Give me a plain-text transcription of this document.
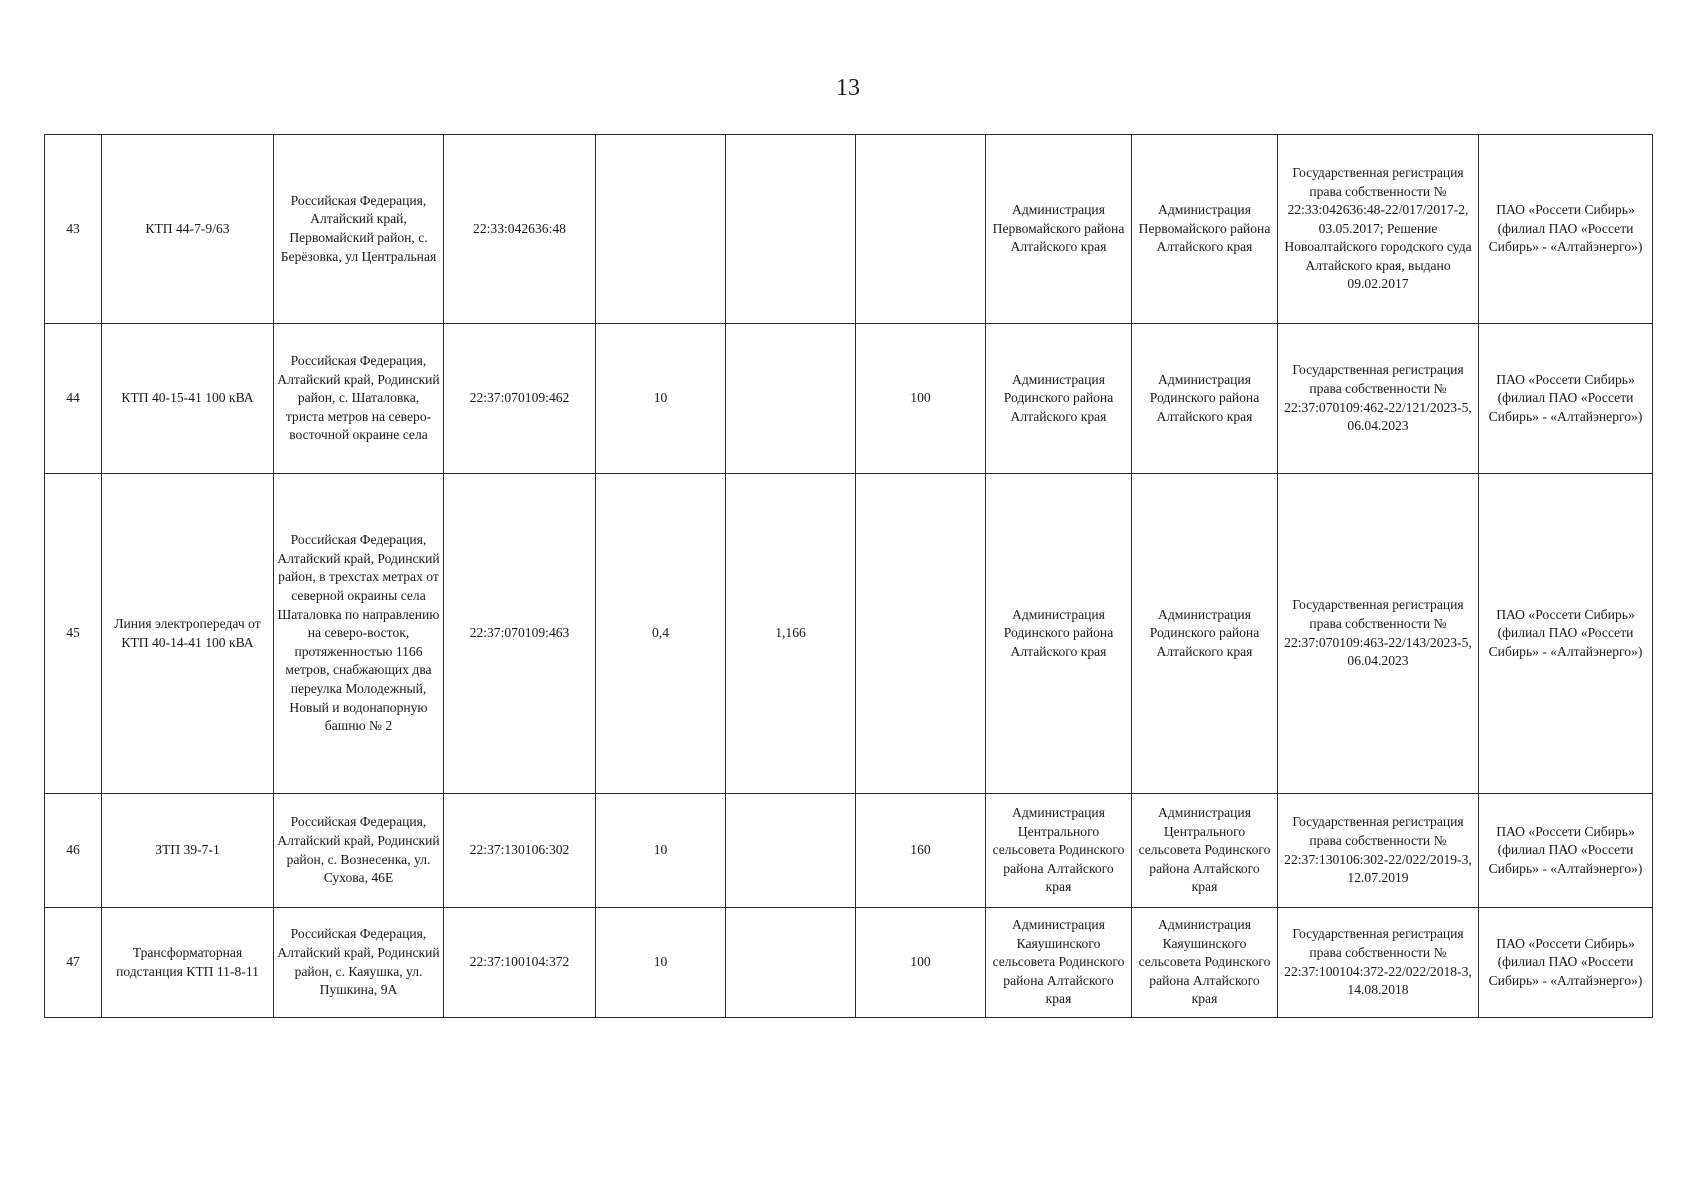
13
43	КТП 44-7-9/63	Российская Федерация, Алтайский край, Первомайский район, с. Берёзовка, ул Центральная	22:33:042636:48				Администрация Первомайского района Алтайского края	Администрация Первомайского района Алтайского края	Государственная регистрация права собственности № 22:33:042636:48-22/017/2017-2, 03.05.2017; Решение Новоалтайского городского суда Алтайского края, выдано 09.02.2017	ПАО «Россети Сибирь» (филиал ПАО «Россети Сибирь» - «Алтайэнерго»)
44	КТП 40-15-41 100 кВА	Российская Федерация, Алтайский край, Родинский район, с. Шаталовка, триста метров на северо-восточной окраине села	22:37:070109:462	10		100	Администрация Родинского района Алтайского края	Администрация Родинского района Алтайского края	Государственная регистрация права собственности № 22:37:070109:462-22/121/2023-5, 06.04.2023	ПАО «Россети Сибирь» (филиал ПАО «Россети Сибирь» - «Алтайэнерго»)
45	Линия электропередач от КТП 40-14-41 100 кВА	Российская Федерация, Алтайский край, Родинский район, в трехстах метрах от северной окраины села Шаталовка по направлению на северо-восток, протяженностью 1166 метров, снабжающих два переулка Молодежный, Новый и водонапорную башню № 2	22:37:070109:463	0,4	1,166		Администрация Родинского района Алтайского края	Администрация Родинского района Алтайского края	Государственная регистрация права собственности № 22:37:070109:463-22/143/2023-5, 06.04.2023	ПАО «Россети Сибирь» (филиал ПАО «Россети Сибирь» - «Алтайэнерго»)
46	ЗТП 39-7-1	Российская Федерация, Алтайский край, Родинский район, с. Вознесенка, ул. Сухова, 46Е	22:37:130106:302	10		160	Администрация Центрального сельсовета Родинского района Алтайского края	Администрация Центрального сельсовета Родинского района Алтайского края	Государственная регистрация права собственности № 22:37:130106:302-22/022/2019-3, 12.07.2019	ПАО «Россети Сибирь» (филиал ПАО «Россети Сибирь» - «Алтайэнерго»)
47	Трансформаторная подстанция КТП 11-8-11	Российская Федерация, Алтайский край, Родинский район, с. Каяушка, ул. Пушкина, 9А	22:37:100104:372	10		100	Администрация Каяушинского сельсовета Родинского района Алтайского края	Администрация Каяушинского сельсовета Родинского района Алтайского края	Государственная регистрация права собственности № 22:37:100104:372-22/022/2018-3, 14.08.2018	ПАО «Россети Сибирь» (филиал ПАО «Россети Сибирь» - «Алтайэнерго»)
